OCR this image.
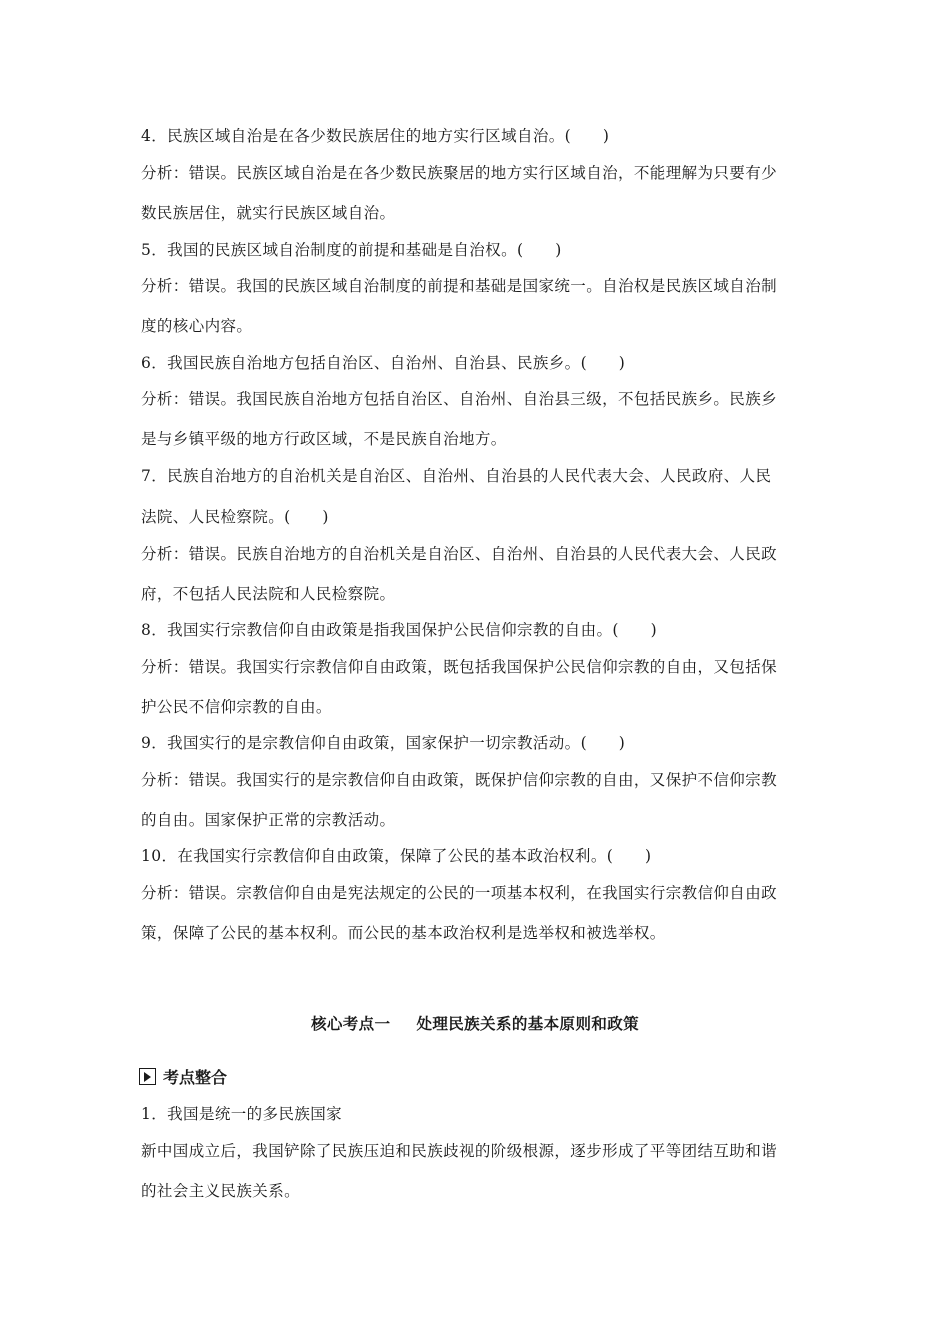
4．民族区域自治是在各少数民族居住的地方实行区域自治。(　　)
分析：错误。民族区域自治是在各少数民族聚居的地方实行区域自治，不能理解为只要有少
数民族居住，就实行民族区域自治。
5．我国的民族区域自治制度的前提和基础是自治权。(　　)
分析：错误。我国的民族区域自治制度的前提和基础是国家统一。自治权是民族区域自治制
度的核心内容。
6．我国民族自治地方包括自治区、自治州、自治县、民族乡。(　　)
分析：错误。我国民族自治地方包括自治区、自治州、自治县三级，不包括民族乡。民族乡
是与乡镇平级的地方行政区域，不是民族自治地方。
7．民族自治地方的自治机关是自治区、自治州、自治县的人民代表大会、人民政府、人民
法院、人民检察院。(　　)
分析：错误。民族自治地方的自治机关是自治区、自治州、自治县的人民代表大会、人民政
府，不包括人民法院和人民检察院。
8．我国实行宗教信仰自由政策是指我国保护公民信仰宗教的自由。(　　)
分析：错误。我国实行宗教信仰自由政策，既包括我国保护公民信仰宗教的自由，又包括保
护公民不信仰宗教的自由。
9．我国实行的是宗教信仰自由政策，国家保护一切宗教活动。(　　)
分析：错误。我国实行的是宗教信仰自由政策，既保护信仰宗教的自由，又保护不信仰宗教
的自由。国家保护正常的宗教活动。
10．在我国实行宗教信仰自由政策，保障了公民的基本政治权利。(　　)
分析：错误。宗教信仰自由是宪法规定的公民的一项基本权利，在我国实行宗教信仰自由政
策，保障了公民的基本权利。而公民的基本政治权利是选举权和被选举权。
核心考点一 处理民族关系的基本原则和政策
考点整合
1．我国是统一的多民族国家
新中国成立后，我国铲除了民族压迫和民族歧视的阶级根源，逐步形成了平等团结互助和谐
的社会主义民族关系。
